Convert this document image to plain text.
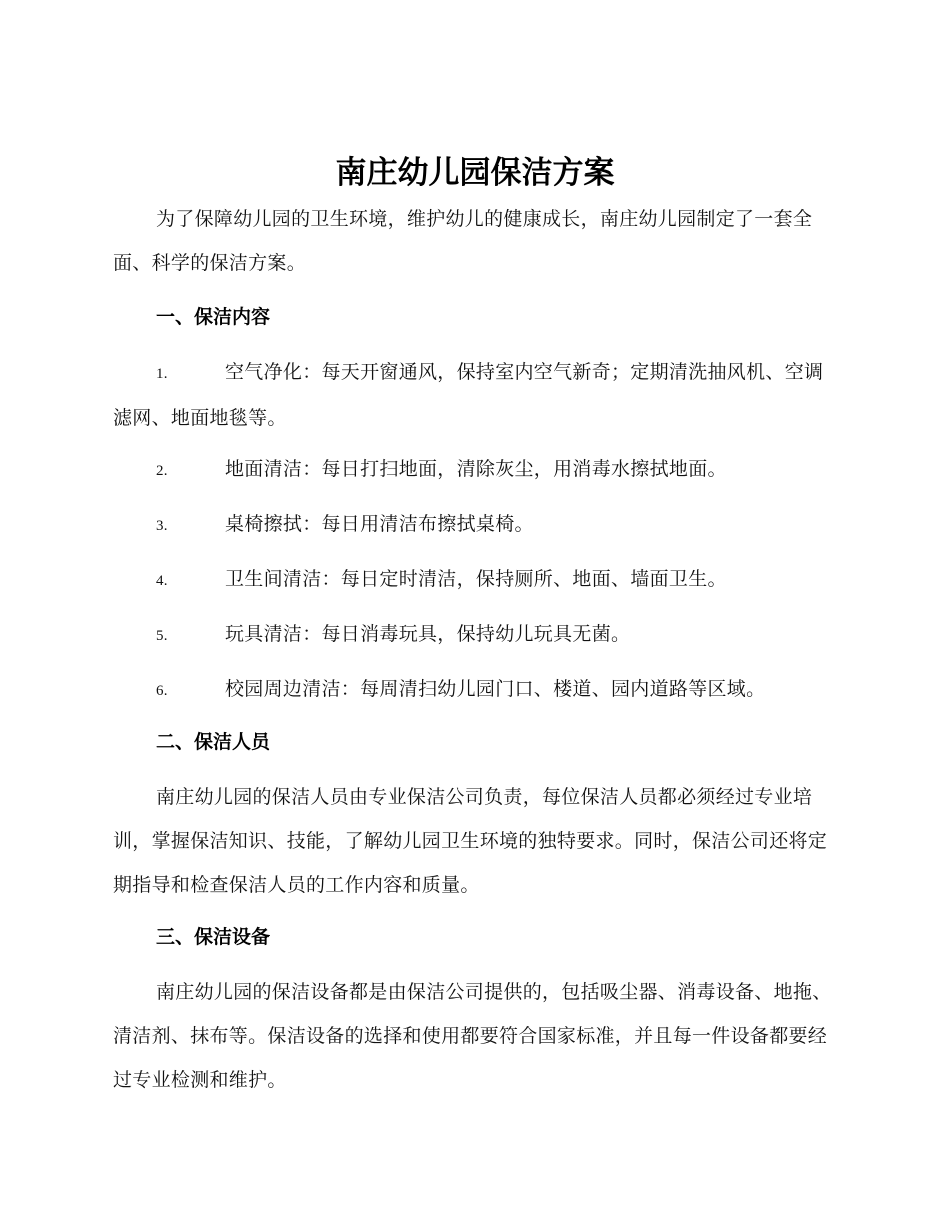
南庄幼儿园保洁方案

为了保障幼儿园的卫生环境，维护幼儿的健康成长，南庄幼儿园制定了一套全面、科学的保洁方案。

一、保洁内容

1.	空气净化：每天开窗通风，保持室内空气新奇；定期清洗抽风机、空调滤网、地面地毯等。

2.	地面清洁：每日打扫地面，清除灰尘，用消毒水擦拭地面。

3.	桌椅擦拭：每日用清洁布擦拭桌椅。

4.	卫生间清洁：每日定时清洁，保持厕所、地面、墙面卫生。

5.	玩具清洁：每日消毒玩具，保持幼儿玩具无菌。

6.	校园周边清洁：每周清扫幼儿园门口、楼道、园内道路等区域。

二、保洁人员

南庄幼儿园的保洁人员由专业保洁公司负责，每位保洁人员都必须经过专业培训，掌握保洁知识、技能，了解幼儿园卫生环境的独特要求。同时，保洁公司还将定期指导和检查保洁人员的工作内容和质量。

三、保洁设备

南庄幼儿园的保洁设备都是由保洁公司提供的，包括吸尘器、消毒设备、地拖、清洁剂、抹布等。保洁设备的选择和使用都要符合国家标准，并且每一件设备都要经过专业检测和维护。
